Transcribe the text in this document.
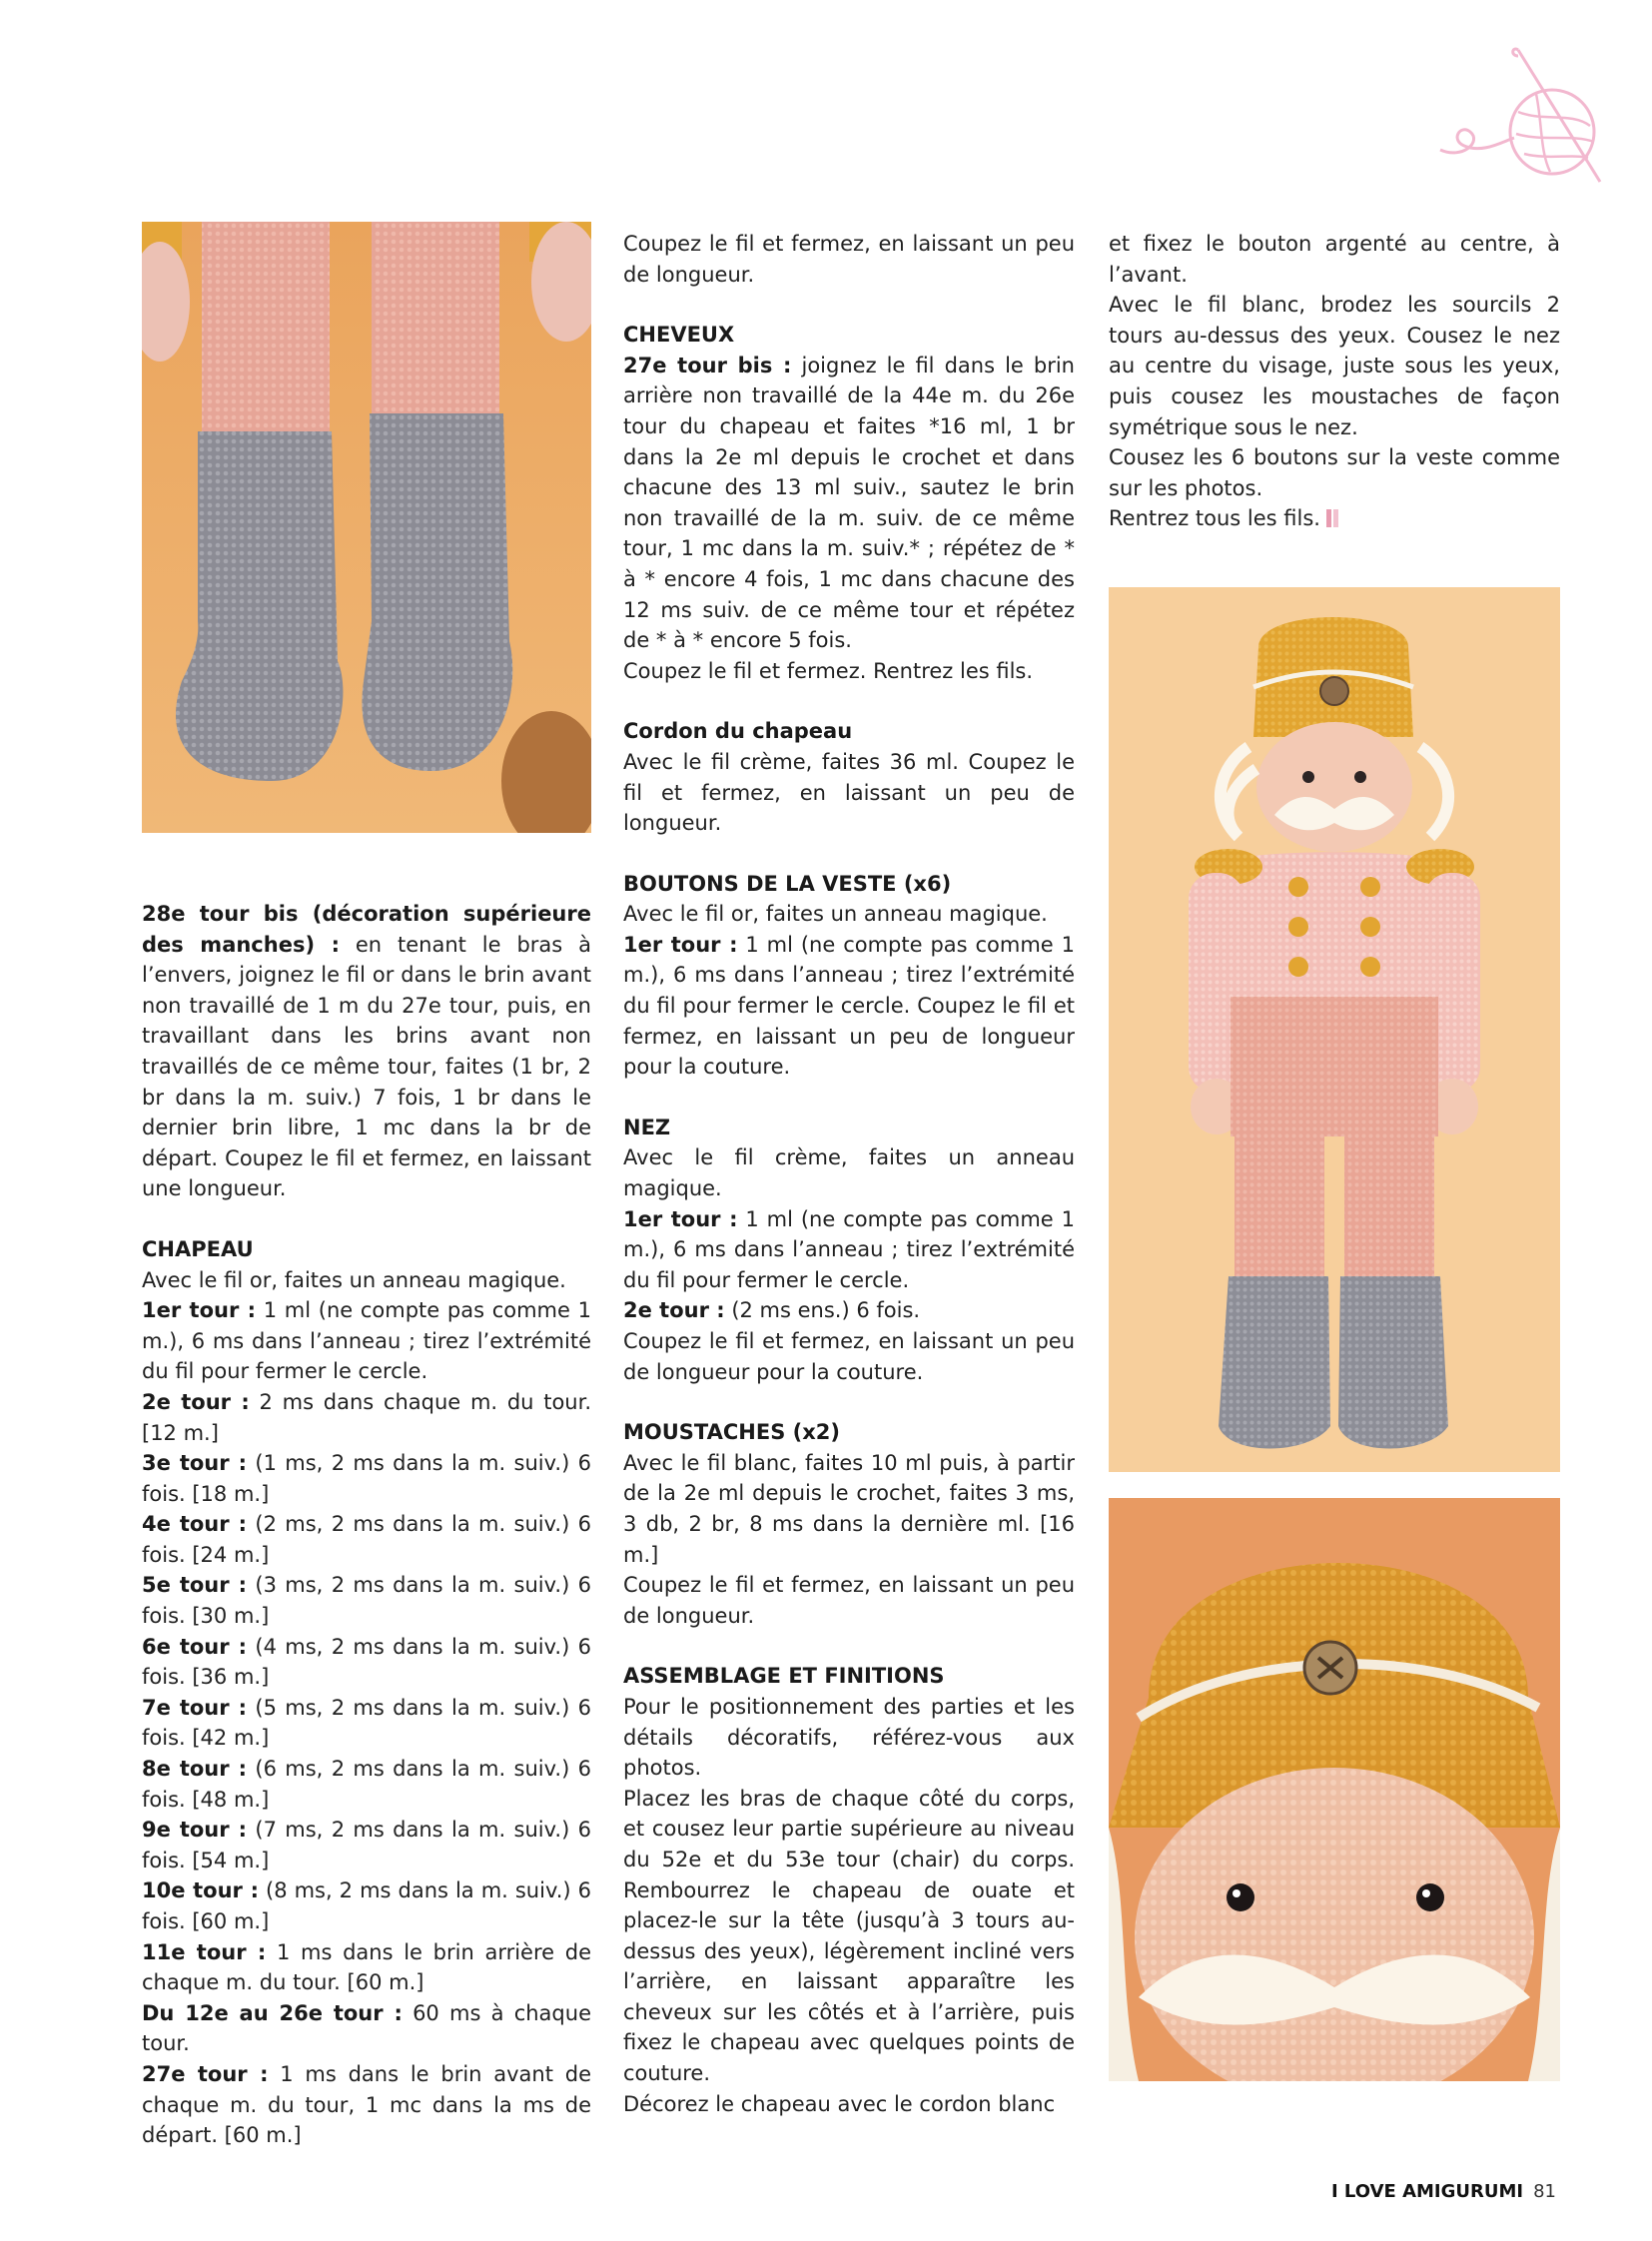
28e tour bis (décoration supérieure des manches) : en tenant le bras à l’envers, joignez le fil or dans le brin avant non travaillé de 1 m du 27e tour, puis, en travaillant dans les brins avant non travaillés de ce même tour, faites (1 br, 2 br dans la m. suiv.) 7 fois, 1 br dans le dernier brin libre, 1 mc dans la br de départ. Coupez le fil et fermez, en laissant une longueur.

CHAPEAU

Avec le fil or, faites un anneau magique.

1er tour : 1 ml (ne compte pas comme 1 m.), 6 ms dans l’anneau ; tirez l’extrémité du fil pour fermer le cercle.

2e tour : 2 ms dans chaque m. du tour. [12 m.]

3e tour : (1 ms, 2 ms dans la m. suiv.) 6 fois. [18 m.]

4e tour : (2 ms, 2 ms dans la m. suiv.) 6 fois. [24 m.]

5e tour : (3 ms, 2 ms dans la m. suiv.) 6 fois. [30 m.]

6e tour : (4 ms, 2 ms dans la m. suiv.) 6 fois. [36 m.]

7e tour : (5 ms, 2 ms dans la m. suiv.) 6 fois. [42 m.]

8e tour : (6 ms, 2 ms dans la m. suiv.) 6 fois. [48 m.]

9e tour : (7 ms, 2 ms dans la m. suiv.) 6 fois. [54 m.]

10e tour : (8 ms, 2 ms dans la m. suiv.) 6 fois. [60 m.]

11e tour : 1 ms dans le brin arrière de chaque m. du tour. [60 m.]

Du 12e au 26e tour : 60 ms à chaque tour.

27e tour : 1 ms dans le brin avant de chaque m. du tour, 1 mc dans la ms de départ. [60 m.]

Coupez le fil et fermez, en laissant un peu de longueur.

CHEVEUX

27e tour bis : joignez le fil dans le brin arrière non travaillé de la 44e m. du 26e tour du chapeau et faites *16 ml, 1 br dans la 2e ml depuis le crochet et dans chacune des 13 ml suiv., sautez le brin non travaillé de la m. suiv. de ce même tour, 1 mc dans la m. suiv.* ; répétez de * à * encore 4 fois, 1 mc dans chacune des 12 ms suiv. de ce même tour et répétez de * à * encore 5 fois.

Coupez le fil et fermez. Rentrez les fils.

Cordon du chapeau

Avec le fil crème, faites 36 ml. Coupez le fil et fermez, en laissant un peu de longueur.

BOUTONS DE LA VESTE (x6)

Avec le fil or, faites un anneau magique.

1er tour : 1 ml (ne compte pas comme 1 m.), 6 ms dans l’anneau ; tirez l’extrémité du fil pour fermer le cercle. Coupez le fil et fermez, en laissant un peu de longueur pour la couture.

NEZ

Avec le fil crème, faites un anneau magique.

1er tour : 1 ml (ne compte pas comme 1 m.), 6 ms dans l’anneau ; tirez l’extrémité du fil pour fermer le cercle.

2e tour : (2 ms ens.) 6 fois.

Coupez le fil et fermez, en laissant un peu de longueur pour la couture.

MOUSTACHES (x2)

Avec le fil blanc, faites 10 ml puis, à partir de la 2e ml depuis le crochet, faites 3 ms, 3 db, 2 br, 8 ms dans la dernière ml. [16 m.]

Coupez le fil et fermez, en laissant un peu de longueur.

ASSEMBLAGE ET FINITIONS

Pour le positionnement des parties et les détails décoratifs, référez-vous aux photos.

Placez les bras de chaque côté du corps, et cousez leur partie supérieure au niveau du 52e et du 53e tour (chair) du corps. Rembourrez le chapeau de ouate et placez-le sur la tête (jusqu’à 3 tours au-dessus des yeux), légèrement incliné vers l’arrière, en laissant apparaître les cheveux sur les côtés et à l’arrière, puis fixez le chapeau avec quelques points de couture.

Décorez le chapeau avec le cordon blanc

et fixez le bouton argenté au centre, à l’avant.

Avec le fil blanc, brodez les sourcils 2 tours au-dessus des yeux. Cousez le nez au centre du visage, juste sous les yeux, puis cousez les moustaches de façon symétrique sous le nez.

Cousez les 6 boutons sur la veste comme sur les photos.

Rentrez tous les fils.

I LOVE AMIGURUMI 81
